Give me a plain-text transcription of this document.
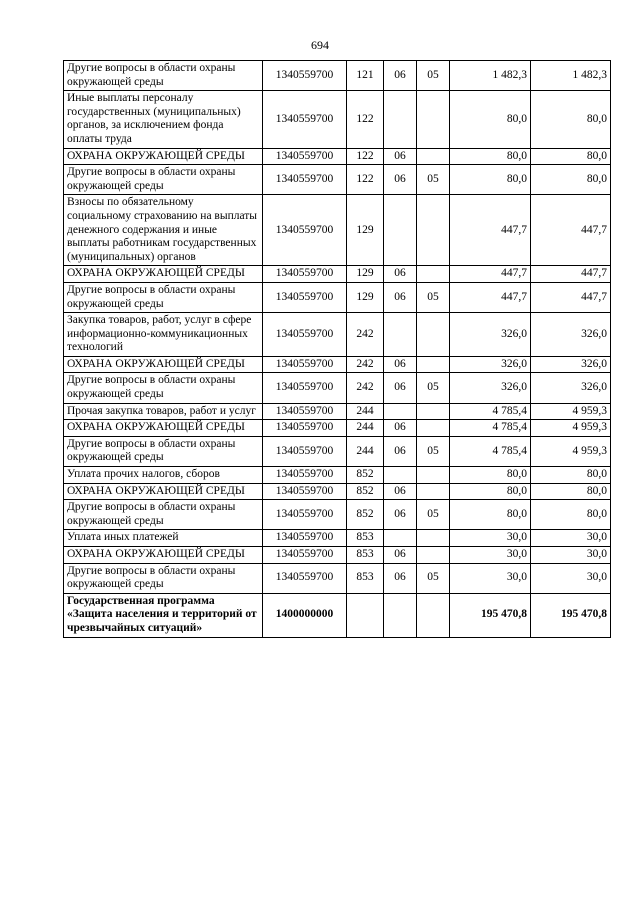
694
Другие вопросы в области охраны окружающей среды	1340559700	121	06	05	1 482,3	1 482,3
Иные выплаты персоналу государственных (муниципальных) органов, за исключением фонда оплаты труда	1340559700	122			80,0	80,0
ОХРАНА ОКРУЖАЮЩЕЙ СРЕДЫ	1340559700	122	06		80,0	80,0
Другие вопросы в области охраны окружающей среды	1340559700	122	06	05	80,0	80,0
Взносы по обязательному социальному страхованию на выплаты денежного содержания и иные выплаты работникам государственных (муниципальных) органов	1340559700	129			447,7	447,7
ОХРАНА ОКРУЖАЮЩЕЙ СРЕДЫ	1340559700	129	06		447,7	447,7
Другие вопросы в области охраны окружающей среды	1340559700	129	06	05	447,7	447,7
Закупка товаров, работ, услуг в сфере информационно-коммуникационных технологий	1340559700	242			326,0	326,0
ОХРАНА ОКРУЖАЮЩЕЙ СРЕДЫ	1340559700	242	06		326,0	326,0
Другие вопросы в области охраны окружающей среды	1340559700	242	06	05	326,0	326,0
Прочая закупка товаров, работ и услуг	1340559700	244			4 785,4	4 959,3
ОХРАНА ОКРУЖАЮЩЕЙ СРЕДЫ	1340559700	244	06		4 785,4	4 959,3
Другие вопросы в области охраны окружающей среды	1340559700	244	06	05	4 785,4	4 959,3
Уплата прочих налогов, сборов	1340559700	852			80,0	80,0
ОХРАНА ОКРУЖАЮЩЕЙ СРЕДЫ	1340559700	852	06		80,0	80,0
Другие вопросы в области охраны окружающей среды	1340559700	852	06	05	80,0	80,0
Уплата иных платежей	1340559700	853			30,0	30,0
ОХРАНА ОКРУЖАЮЩЕЙ СРЕДЫ	1340559700	853	06		30,0	30,0
Другие вопросы в области охраны окружающей среды	1340559700	853	06	05	30,0	30,0
Государственная программа «Защита населения и территорий от чрезвычайных ситуаций»	1400000000				195 470,8	195 470,8
